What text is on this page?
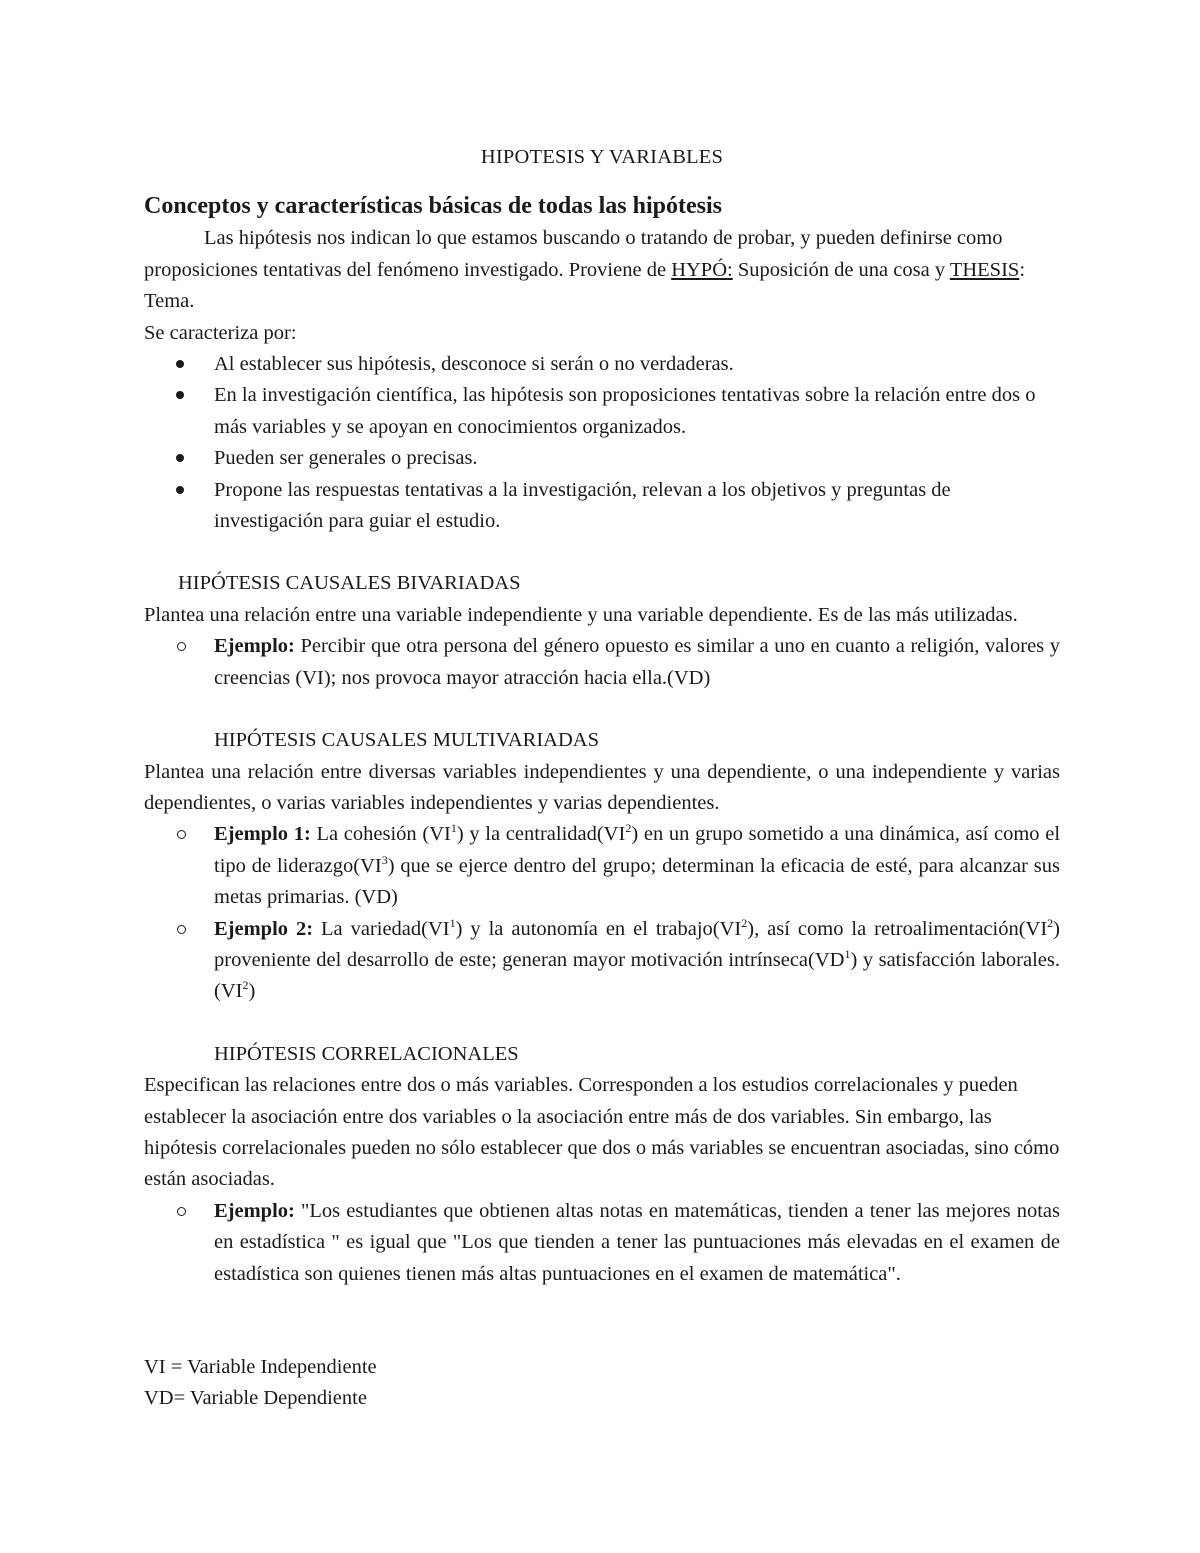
HIPOTESIS Y VARIABLES
Conceptos y características básicas de todas las hipótesis

Las hipótesis nos indican lo que estamos buscando o tratando de probar, y pueden definirse como proposiciones tentativas del fenómeno investigado. Proviene de HYPÓ: Suposición de una cosa y THESIS: Tema.

Se caracteriza por:

Al establecer sus hipótesis, desconoce si serán o no verdaderas.
En la investigación científica, las hipótesis son proposiciones tentativas sobre la relación entre dos o más variables y se apoyan en conocimientos organizados.
Pueden ser generales o precisas.
Propone las respuestas tentativas a la investigación, relevan a los objetivos y preguntas de investigación para guiar el estudio.

HIPÓTESIS CAUSALES BIVARIADAS

Plantea una relación entre una variable independiente y una variable dependiente. Es de las más utilizadas.

Ejemplo: Percibir que otra persona del género opuesto es similar a uno en cuanto a religión, valores y creencias (VI); nos provoca mayor atracción hacia ella.(VD)

HIPÓTESIS CAUSALES MULTIVARIADAS

Plantea una relación entre diversas variables independientes y una dependiente, o una independiente y varias dependientes, o varias variables independientes y varias dependientes.

Ejemplo 1: La cohesión $(VI^1)$ y la $centralidad(VI^2)$ en un grupo sometido a una dinámica, así como el tipo de $liderazgo(VI^3)$ que se ejerce dentro del grupo; determinan la eficacia de esté, para alcanzar sus metas primarias. (VD)
Ejemplo 2: La $variedad(VI^1)$ y la autonomía en el $trabajo(VI^2)$, así como la $retroalimentación(VI^2)$ proveniente del desarrollo de este; generan mayor motivación $intrínseca(VD^1)$ y satisfacción laborales. $(VI^2)$

HIPÓTESIS CORRELACIONALES

Especifican las relaciones entre dos o más variables. Corresponden a los estudios correlacionales y pueden establecer la asociación entre dos variables o la asociación entre más de dos variables. Sin embargo, las hipótesis correlacionales pueden no sólo establecer que dos o más variables se encuentran asociadas, sino cómo están asociadas.

Ejemplo: "Los estudiantes que obtienen altas notas en matemáticas, tienden a tener las mejores notas en estadística " es igual que "Los que tienden a tener las puntuaciones más elevadas en el examen de estadística son quienes tienen más altas puntuaciones en el examen de matemática".

VI = Variable Independiente

VD= Variable Dependiente
